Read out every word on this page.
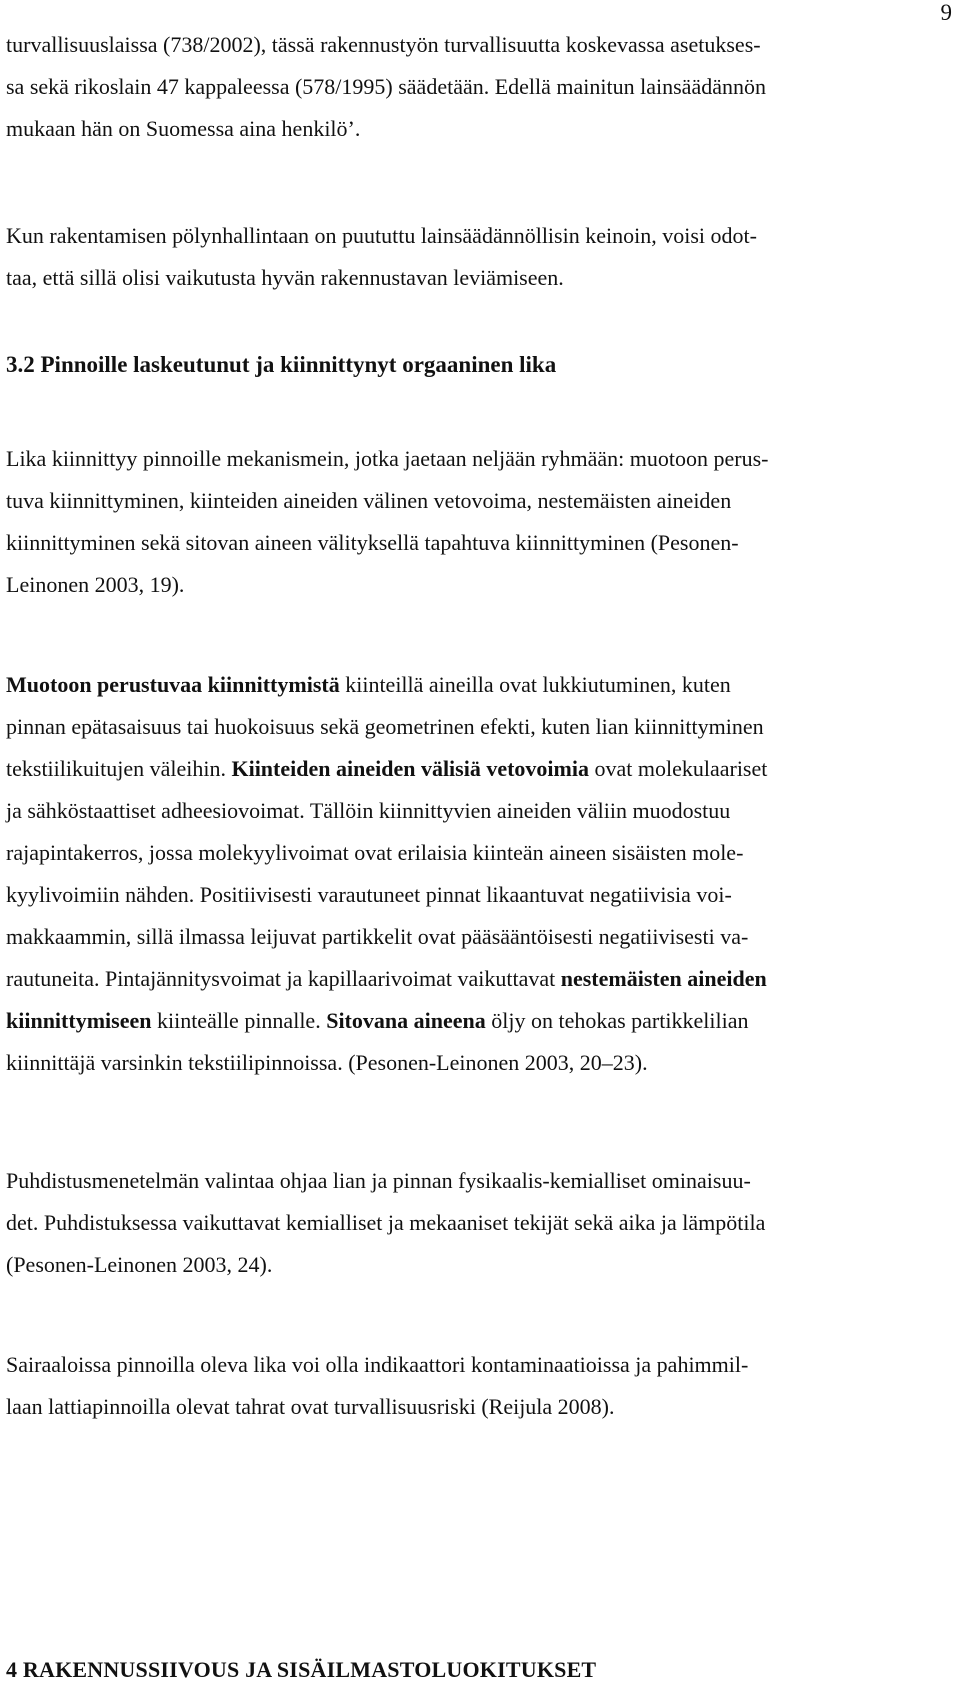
9
turvallisuuslaissa (738/2002), tässä rakennustyön turvallisuutta koskevassa asetukses-
sa sekä rikoslain 47 kappaleessa (578/1995) säädetään. Edellä mainitun lainsäädännön
mukaan hän on Suomessa aina henkilö’.
Kun rakentamisen pölynhallintaan on puututtu lainsäädännöllisin keinoin, voisi odot-
taa, että sillä olisi vaikutusta hyvän rakennustavan leviämiseen.
3.2 Pinnoille laskeutunut ja kiinnittynyt orgaaninen lika
Lika kiinnittyy pinnoille mekanismein, jotka jaetaan neljään ryhmään: muotoon perus-
tuva kiinnittyminen, kiinteiden aineiden välinen vetovoima, nestemäisten aineiden
kiinnittyminen sekä sitovan aineen välityksellä tapahtuva kiinnittyminen (Pesonen-
Leinonen 2003, 19).
Muotoon perustuvaa kiinnittymistä kiinteillä aineilla ovat lukkiutuminen, kuten
pinnan epätasaisuus tai huokoisuus sekä geometrinen efekti, kuten lian kiinnittyminen
tekstiilikuitujen väleihin. Kiinteiden aineiden välisiä vetovoimia ovat molekulaariset
ja sähköstaattiset adheesiovoimat. Tällöin kiinnittyvien aineiden väliin muodostuu
rajapintakerros, jossa molekyylivoimat ovat erilaisia kiinteän aineen sisäisten mole-
kyylivoimiin nähden. Positiivisesti varautuneet pinnat likaantuvat negatiivisia voi-
makkaammin, sillä ilmassa leijuvat partikkelit ovat pääsääntöisesti negatiivisesti va-
rautuneita. Pintajännitysvoimat ja kapillaarivoimat vaikuttavat nestemäisten aineiden
kiinnittymiseen kiinteälle pinnalle. Sitovana aineena öljy on tehokas partikkelilian
kiinnittäjä varsinkin tekstiilipinnoissa. (Pesonen-Leinonen 2003, 20–23).
Puhdistusmenetelmän valintaa ohjaa lian ja pinnan fysikaalis-kemialliset ominaisuu-
det. Puhdistuksessa vaikuttavat kemialliset ja mekaaniset tekijät sekä aika ja lämpötila
(Pesonen-Leinonen 2003, 24).
Sairaaloissa pinnoilla oleva lika voi olla indikaattori kontaminaatioissa ja pahimmil-
laan lattiapinnoilla olevat tahrat ovat turvallisuusriski (Reijula 2008).
4 RAKENNUSSIIVOUS JA SISÄILMASTOLUOKITUKSET
